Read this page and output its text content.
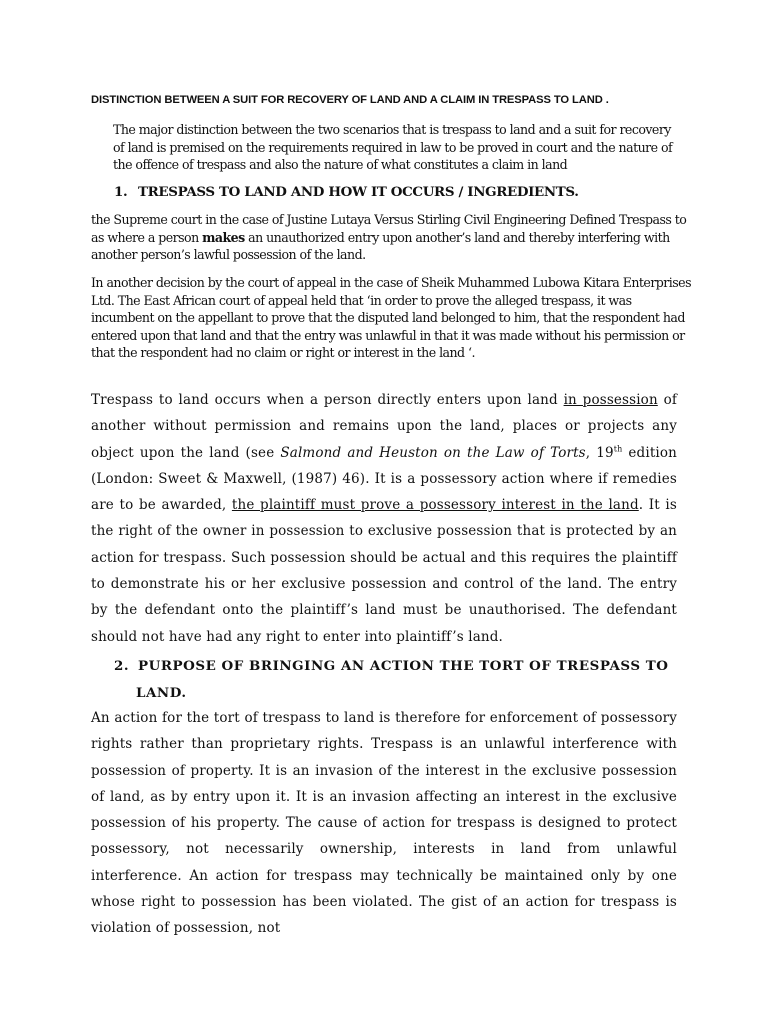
DISTINCTION BETWEEN A SUIT FOR RECOVERY OF LAND AND A CLAIM IN TRESPASS TO LAND .

The major distinction between the two scenarios that is trespass to land and a suit for recovery of land is premised on the requirements required in law to be proved in court and the nature of the offence of trespass and also the nature of what constitutes a claim in land

1. TRESPASS TO LAND AND HOW IT OCCURS / INGREDIENTS.

the Supreme court in the case of Justine Lutaya Versus Stirling Civil Engineering Defined Trespass to as where a person makes an unauthorized entry upon another’s land and thereby interfering with another person’s lawful possession of the land.

In another decision by the court of appeal in the case of Sheik Muhammed Lubowa Kitara Enterprises Ltd. The East African court of appeal held that ‘in order to prove the alleged trespass, it was incumbent on the appellant to prove that the disputed land belonged to him, that the respondent had entered upon that land and that the entry was unlawful in that it was made without his permission or that the respondent had no claim or right or interest in the land ‘.

Trespass to land occurs when a person directly enters upon land in possession of another without permission and remains upon the land, places or projects any object upon the land (see Salmond and Heuston on the Law of Torts, 19th edition (London: Sweet & Maxwell, (1987) 46). It is a possessory action where if remedies are to be awarded, the plaintiff must prove a possessory interest in the land. It is the right of the owner in possession to exclusive possession that is protected by an action for trespass. Such possession should be actual and this requires the plaintiff to demonstrate his or her exclusive possession and control of the land. The entry by the defendant onto the plaintiff’s land must be unauthorised. The defendant should not have had any right to enter into plaintiff’s land.

2. PURPOSE OF BRINGING AN ACTION THE TORT OF TRESPASS TO
LAND.

An action for the tort of trespass to land is therefore for enforcement of possessory rights rather than proprietary rights. Trespass is an unlawful interference with possession of property. It is an invasion of the interest in the exclusive possession of land, as by entry upon it. It is an invasion affecting an interest in the exclusive possession of his property. The cause of action for trespass is designed to protect possessory, not necessarily ownership, interests in land from unlawful interference. An action for trespass may technically be maintained only by one whose right to possession has been violated. The gist of an action for trespass is violation of possession, not
